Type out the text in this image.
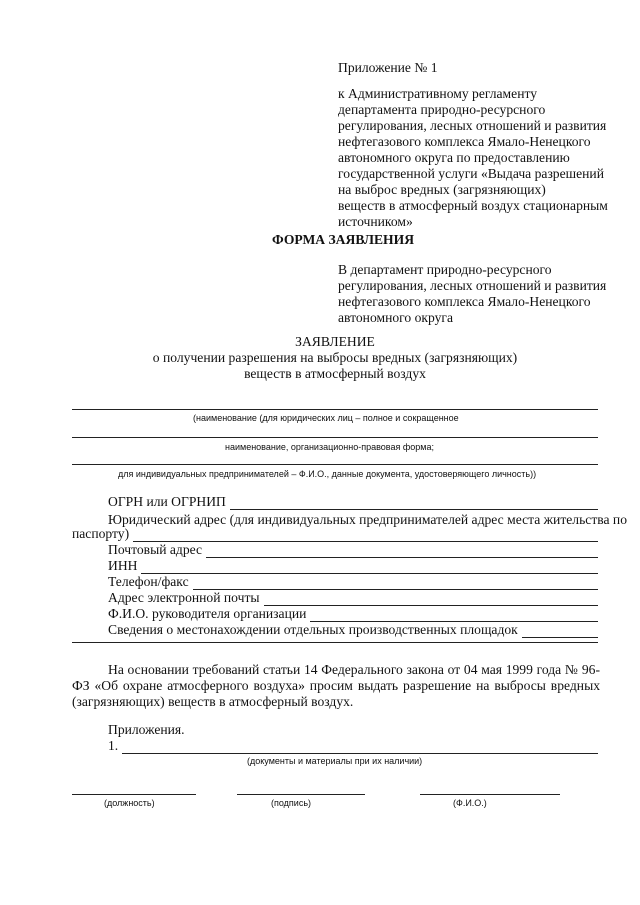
Приложение № 1
к Административному регламенту
департамента природно-ресурсного
регулирования, лесных отношений и развития
нефтегазового комплекса Ямало-Ненецкого
автономного округа по предоставлению
государственной услуги «Выдача разрешений
на выброс вредных (загрязняющих)
веществ в атмосферный воздух стационарным
источником»
ФОРМА ЗАЯВЛЕНИЯ
В департамент природно-ресурсного
регулирования, лесных отношений и развития
нефтегазового комплекса Ямало-Ненецкого
автономного округа
ЗАЯВЛЕНИЕ
о получении разрешения на выбросы вредных (загрязняющих)
веществ в атмосферный воздух
(наименование (для юридических лиц – полное и сокращенное
наименование, организационно-правовая форма;
для индивидуальных предпринимателей – Ф.И.О., данные документа, удостоверяющего личность))
ОГРН или ОГРНИП
Юридический адрес (для индивидуальных предпринимателей адрес места жительства по
паспорту)
Почтовый адрес
ИНН
Телефон/факс
Адрес электронной почты
Ф.И.О. руководителя организации
Сведения о местонахождении отдельных производственных площадок
На основании требований статьи 14 Федерального закона от 04 мая 1999 года № 96-ФЗ «Об охране атмосферного воздуха» просим выдать разрешение на выбросы вредных (загрязняющих) веществ в атмосферный воздух.
Приложения.
1.
(документы и материалы при их наличии)
(должность)	(подпись)	(Ф.И.О.)
